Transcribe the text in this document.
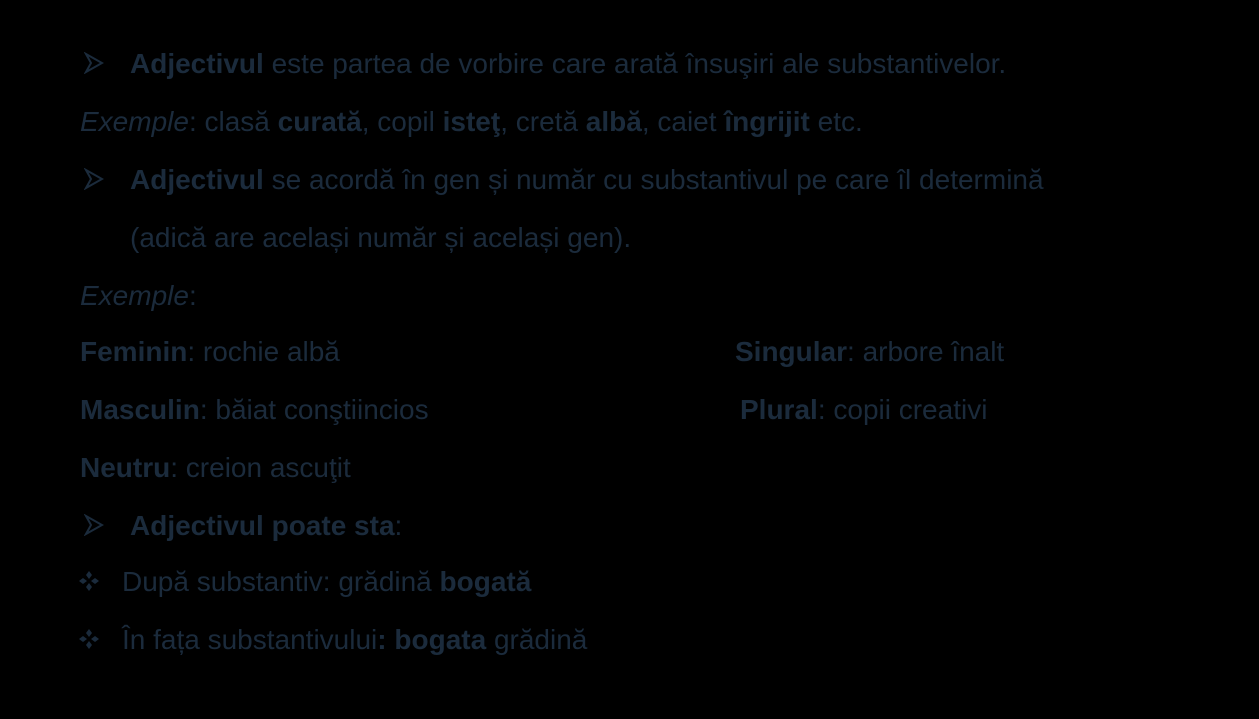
Adjectivul este partea de vorbire care arată însuşiri ale substantivelor.
Exemple: clasă curată, copil isteţ, cretă albă, caiet îngrijit etc.
Adjectivul se acordă în gen și număr cu substantivul pe care îl determină
(adică are același număr și același gen).
Exemple:
Feminin: rochie albă
Masculin: băiat conştiincios
Neutru: creion ascuţit
Singular: arbore înalt
Plural: copii creativi
Adjectivul poate sta:
După substantiv: grădină bogată
În fața substantivului: bogata grădină
